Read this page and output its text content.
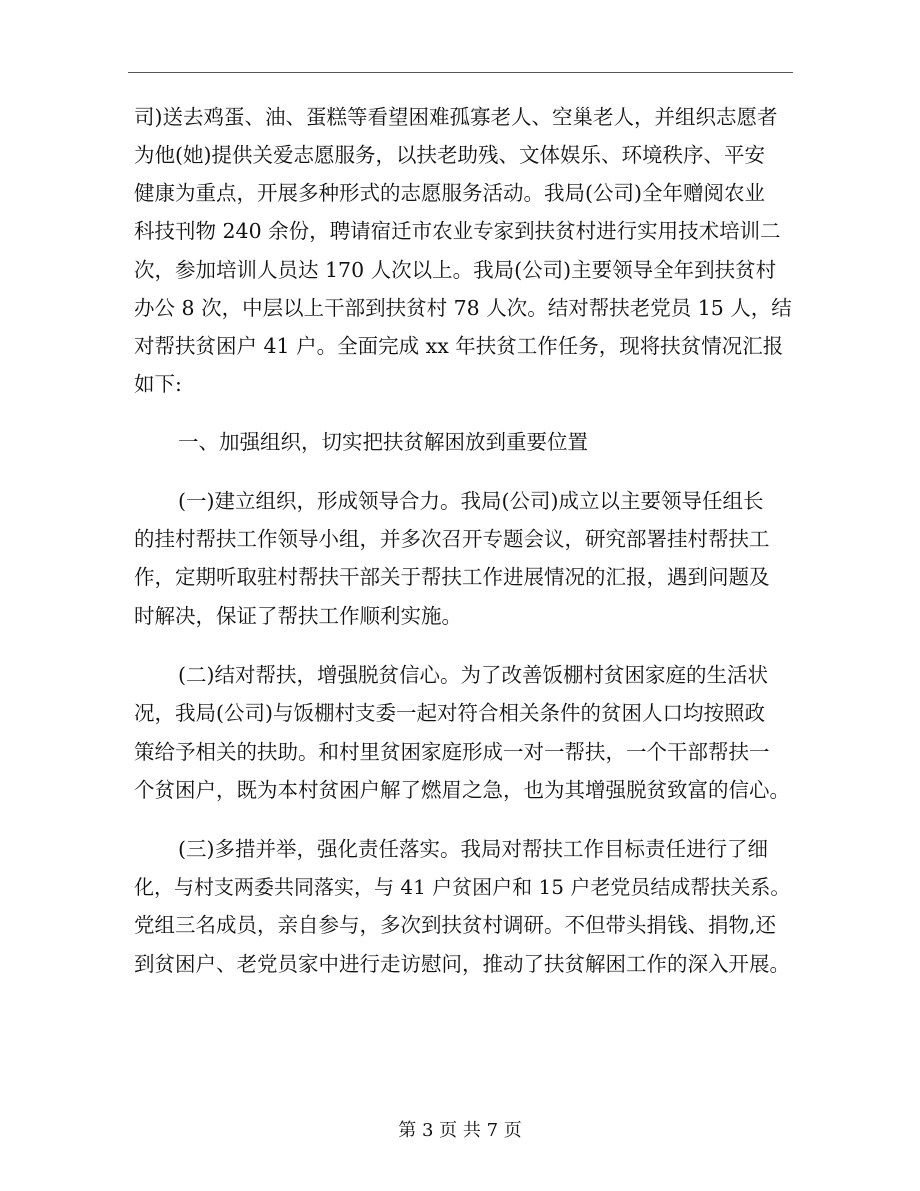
司)送去鸡蛋、油、蛋糕等看望困难孤寡老人、空巢老人，并组织志愿者
为他(她)提供关爱志愿服务，以扶老助残、文体娱乐、环境秩序、平安
健康为重点，开展多种形式的志愿服务活动。我局(公司)全年赠阅农业
科技刊物 240 余份，聘请宿迁市农业专家到扶贫村进行实用技术培训二
次，参加培训人员达 170 人次以上。我局(公司)主要领导全年到扶贫村
办公 8 次，中层以上干部到扶贫村 78 人次。结对帮扶老党员 15 人，结
对帮扶贫困户 41 户。全面完成 xx 年扶贫工作任务，现将扶贫情况汇报
如下:
一、加强组织，切实把扶贫解困放到重要位置
(一)建立组织，形成领导合力。我局(公司)成立以主要领导任组长
的挂村帮扶工作领导小组，并多次召开专题会议，研究部署挂村帮扶工
作，定期听取驻村帮扶干部关于帮扶工作进展情况的汇报，遇到问题及
时解决，保证了帮扶工作顺利实施。
(二)结对帮扶，增强脱贫信心。为了改善饭棚村贫困家庭的生活状
况，我局(公司)与饭棚村支委一起对符合相关条件的贫困人口均按照政
策给予相关的扶助。和村里贫困家庭形成一对一帮扶，一个干部帮扶一
个贫困户，既为本村贫困户解了燃眉之急，也为其增强脱贫致富的信心。
(三)多措并举，强化责任落实。我局对帮扶工作目标责任进行了细
化，与村支两委共同落实，与 41 户贫困户和 15 户老党员结成帮扶关系。
党组三名成员，亲自参与，多次到扶贫村调研。不但带头捐钱、捐物,还
到贫困户、老党员家中进行走访慰问，推动了扶贫解困工作的深入开展。
第 3 页 共 7 页
